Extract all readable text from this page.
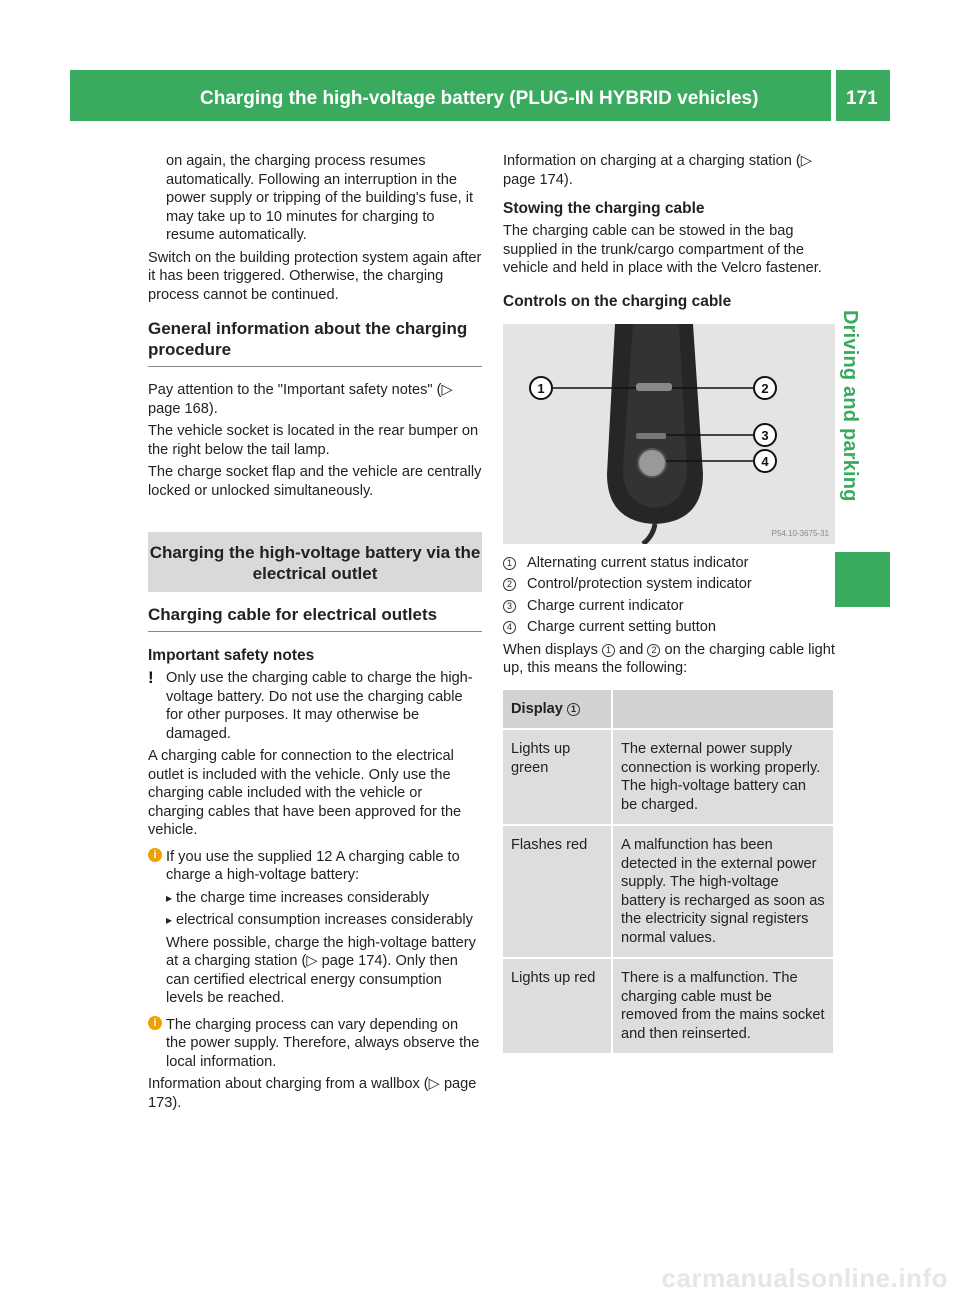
Charging the high-voltage battery (PLUG-IN HYBRID vehicles)	171
Driving and parking

on again, the charging process resumes automatically. Following an interruption in the power supply or tripping of the building's fuse, it may take up to 10 minutes for charging to resume automatically.

Switch on the building protection system again after it has been triggered. Otherwise, the charging process cannot be continued.

General information about the charging procedure

Pay attention to the "Important safety notes" (▷ page 168).

The vehicle socket is located in the rear bumper on the right below the tail lamp.

The charge socket flap and the vehicle are centrally locked or unlocked simultaneously.

Charging the high-voltage battery via the electrical outlet
Charging cable for electrical outlets
Important safety notes

! Only use the charging cable to charge the high-voltage battery. Do not use the charging cable for other purposes. It may otherwise be damaged.

A charging cable for connection to the electrical outlet is included with the vehicle. Only use the charging cable included with the vehicle or charging cables that have been approved for the vehicle.

i If you use the supplied 12 A charging cable to charge a high-voltage battery:

▸ the charge time increases considerably

▸ electrical consumption increases considerably

Where possible, charge the high-voltage battery at a charging station (▷ page 174). Only then can certified electrical energy consumption levels be reached.

i The charging process can vary depending on the power supply. Therefore, always observe the local information.

Information about charging from a wallbox (▷ page 173).

Information on charging at a charging station (▷ page 174).

Stowing the charging cable

The charging cable can be stowed in the bag supplied in the trunk/cargo compartment of the vehicle and held in place with the Velcro fastener.

Controls on the charging cable
1	2
3
4
P54.10-3675-31
1 Alternating current status indicator
2 Control/protection system indicator
3 Charge current indicator
4 Charge current setting button

When displays 1 and 2 on the charging cable light up, this means the following:

Display 1	
Lights up green	The external power supply connection is working properly. The high-voltage battery can be charged.
Flashes red	A malfunction has been detected in the external power supply. The high-voltage battery is recharged as soon as the electricity signal registers normal values.
Lights up red	There is a malfunction. The charging cable must be removed from the mains socket and then reinserted.
carmanualsonline.info
